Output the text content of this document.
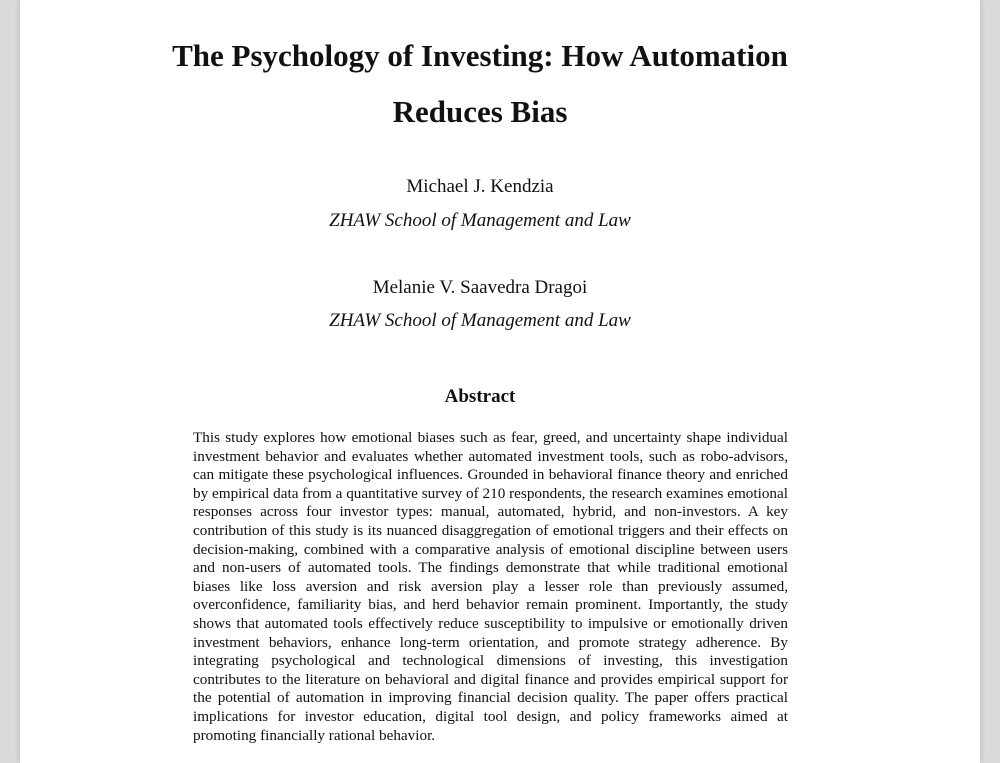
The Psychology of Investing: How Automation
Reduces Bias
Michael J. Kendzia
ZHAW School of Management and Law
Melanie V. Saavedra Dragoi
ZHAW School of Management and Law
Abstract

This study explores how emotional biases such as fear, greed, and uncertainty shape individual investment behavior and evaluates whether automated investment tools, such as robo-advisors, can mitigate these psychological influences. Grounded in behavioral finance theory and enriched by empirical data from a quantitative survey of 210 respondents, the research examines emotional responses across four investor types: manual, automated, hybrid, and non-investors. A key contribution of this study is its nuanced disaggregation of emotional triggers and their effects on decision-making, combined with a comparative analysis of emotional discipline between users and non-users of automated tools. The findings demonstrate that while traditional emotional biases like loss aversion and risk aversion play a lesser role than previously assumed, overconfidence, familiarity bias, and herd behavior remain prominent. Importantly, the study shows that automated tools effectively reduce susceptibility to impulsive or emotionally driven investment behaviors, enhance long-term orientation, and promote strategy adherence. By integrating psychological and technological dimensions of investing, this investigation contributes to the literature on behavioral and digital finance and provides empirical support for the potential of automation in improving financial decision quality. The paper offers practical implications for investor education, digital tool design, and policy frameworks aimed at promoting financially rational behavior.
